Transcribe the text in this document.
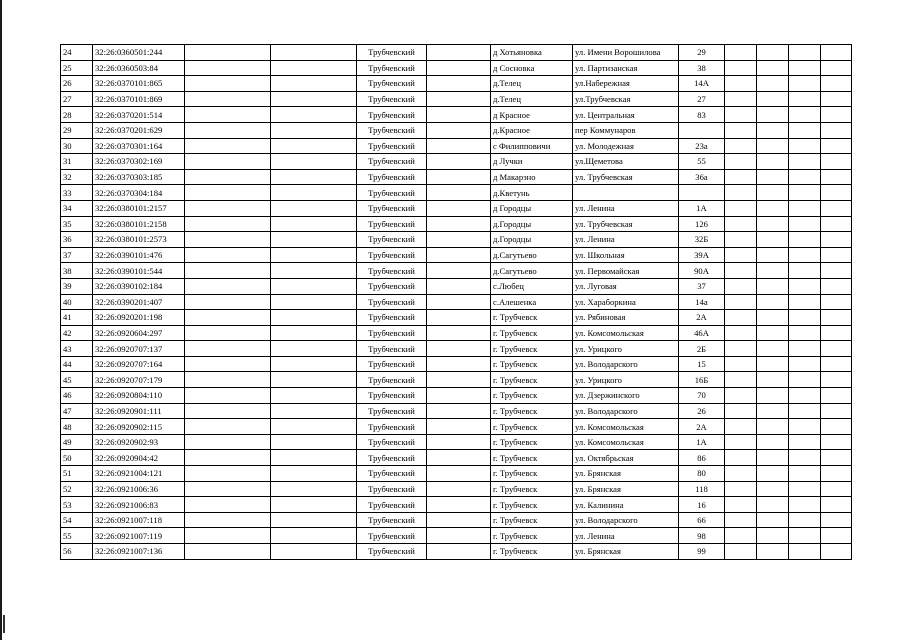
24	32:26:0360501:244			Трубчевский		д Хотьяновка	ул. Имени Ворошилова	29				
25	32:26:0360503:84			Трубчевский		д Сосновка	ул. Партизанская	38				
26	32:26:0370101:865			Трубчевский		д.Телец	ул.Набережная	14А				
27	32:26:0370101:869			Трубчевский		д.Телец	ул.Трубчевская	27				
28	32:26:0370201:514			Трубчевский		д Красное	ул. Центральная	83				
29	32:26:0370201:629			Трубчевский		д.Красное	пер Коммунаров					
30	32:26:0370301:164			Трубчевский		с Филипповичи	ул. Молодежная	23а				
31	32:26:0370302:169			Трубчевский		д Лучки	ул.Щеметова	55				
32	32:26:0370303:185			Трубчевский		д Макарзно	ул. Трубчевская	36а				
33	32:26:0370304:184			Трубчевский		д.Кветунь						
34	32:26:0380101:2157			Трубчевский		д Городцы	ул. Ленина	1А				
35	32:26:0380101:2158			Трубчевский		д.Городцы	ул. Трубчевская	126				
36	32:26:0380101:2573			Трубчевский		д.Городцы	ул. Ленина	32Б				
37	32:26:0390101:476			Трубчевский		д.Сагутьево	ул. Школьная	39А				
38	32:26:0390101:544			Трубчевский		д.Сагутьево	ул. Первомайская	90А				
39	32:26:0390102:184			Трубчевский		с.Любец	ул. Луговая	37				
40	32:26:0390201:407			Трубчевский		с.Алешенка	ул. Хараборкина	14а				
41	32:26:0920201:198			Трубчевский		г. Трубчевск	ул. Рябиновая	2А				
42	32:26:0920604:297			Трубчевский		г. Трубчевск	ул. Комсомольская	46А				
43	32:26:0920707:137			Трубчевский		г. Трубчевск	ул. Урицкого	2Б				
44	32:26:0920707:164			Трубчевский		г. Трубчевск	ул. Володарского	15				
45	32:26:0920707:179			Трубчевский		г. Трубчевск	ул. Урицкого	16Б				
46	32:26:0920804:110			Трубчевский		г. Трубчевск	ул. Дзержинского	70				
47	32:26:0920901:111			Трубчевский		г. Трубчевск	ул. Володарского	26				
48	32:26:0920902:115			Трубчевский		г. Трубчевск	ул. Комсомольская	2А				
49	32:26:0920902:93			Трубчевский		г. Трубчевск	ул. Комсомольская	1А				
50	32:26:0920904:42			Трубчевский		г. Трубчевск	ул. Октябрьская	86				
51	32:26:0921004:121			Трубчевский		г. Трубчевск	ул. Брянская	80				
52	32:26:0921006:36			Трубчевский		г. Трубчевск	ул. Брянская	118				
53	32:26:0921006:83			Трубчевский		г. Трубчевск	ул. Калинина	16				
54	32:26:0921007:118			Трубчевский		г. Трубчевск	ул. Володарского	66				
55	32:26:0921007:119			Трубчевский		г. Трубчевск	ул. Ленина	98				
56	32:26:0921007:136			Трубчевский		г. Трубчевск	ул. Брянская	99				
